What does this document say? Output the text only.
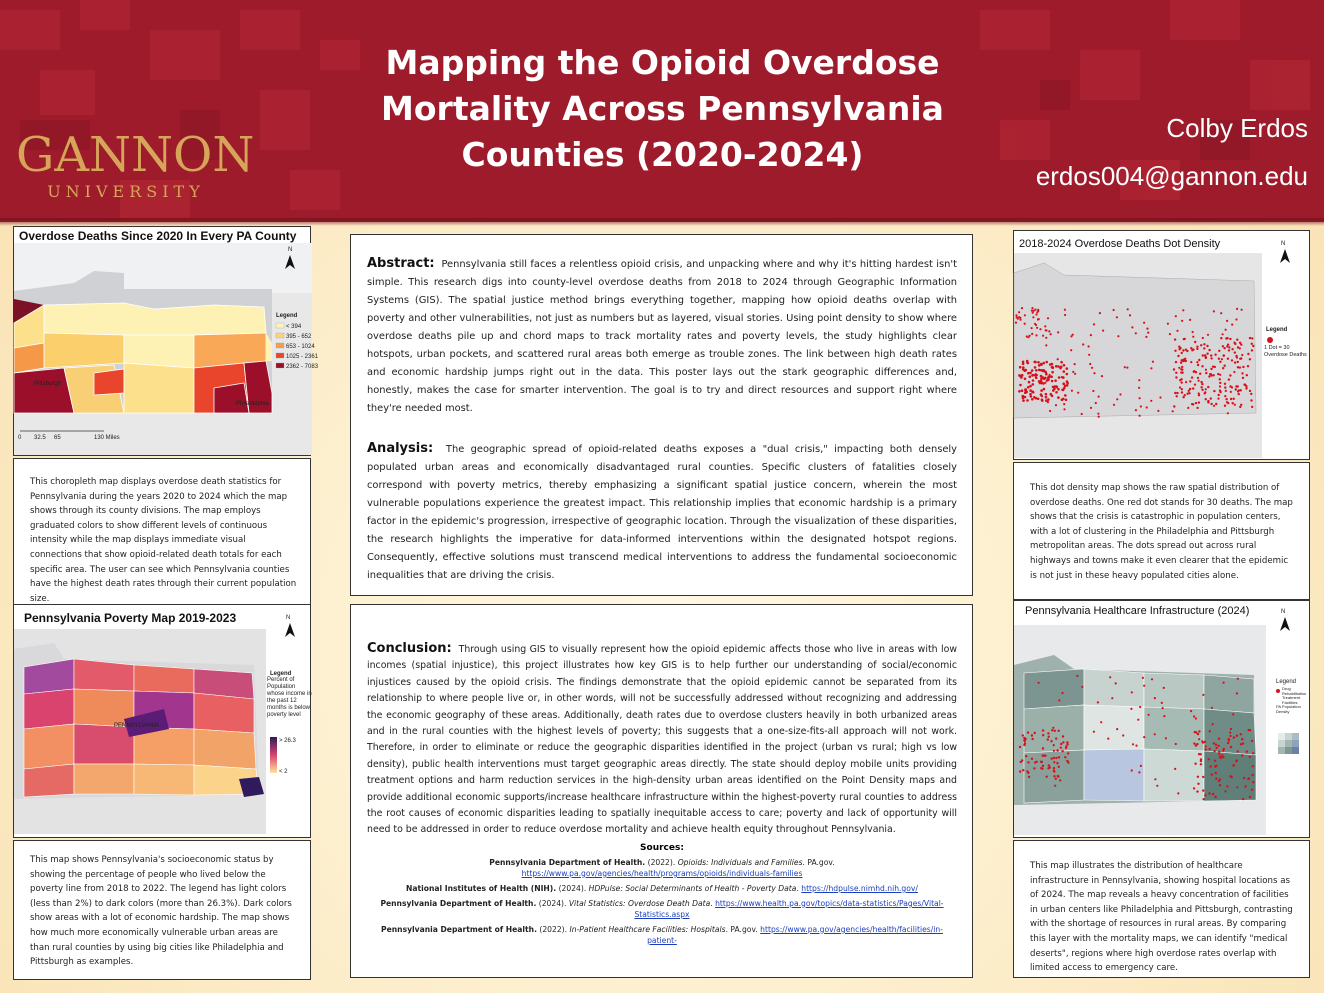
GANNON
UNIVERSITY
Mapping the Opioid Overdose
Mortality Across Pennsylvania
Counties (2020-2024)
Colby Erdos
erdos004@gannon.edu
Overdose Deaths Since 2020 In Every PA County
Pittsburgh
Philadelphia
N
Legend
< 394
395 - 652
653 - 1024
1025 - 2361
2362 - 7083
0 32.5 65	130 Miles
This choropleth map displays overdose death statistics for Pennsylvania during the years 2020 to 2024 which the map shows through its county divisions. The map employs graduated colors to show different levels of continuous intensity while the map displays immediate visual connections that show opioid-related death totals for each specific area. The user can see which Pennsylvania counties have the highest death rates through their current population size.
Pennsylvania Poverty Map 2019-2023
PENNSYLVANIA
N
Legend
Percent of Population whose income in the past 12 months is below poverty level
> 26.3
< 2
This map shows Pennsylvania's socioeconomic status by showing the percentage of people who lived below the poverty line from 2018 to 2022. The legend has light colors (less than 2%) to dark colors (more than 26.3%). Dark colors show areas with a lot of economic hardship. The map shows how much more economically vulnerable urban areas are than rural counties by using big cities like Philadelphia and Pittsburgh as examples.

Abstract: Pennsylvania still faces a relentless opioid crisis, and unpacking where and why it's hitting hardest isn't simple. This research digs into county-level overdose deaths from 2018 to 2024 through Geographic Information Systems (GIS). The spatial justice method brings everything together, mapping how opioid deaths overlap with poverty and other vulnerabilities, not just as numbers but as layered, visual stories. Using point density to show where overdose deaths pile up and chord maps to track mortality rates and poverty levels, the study highlights clear hotspots, urban pockets, and scattered rural areas both emerge as trouble zones. The link between high death rates and economic hardship jumps right out in the data. This poster lays out the stark geographic differences and, honestly, makes the case for smarter intervention. The goal is to try and direct resources and support right where they're needed most.

Analysis: The geographic spread of opioid-related deaths exposes a "dual crisis," impacting both densely populated urban areas and economically disadvantaged rural counties. Specific clusters of fatalities closely correspond with poverty metrics, thereby emphasizing a significant spatial justice concern, wherein the most vulnerable populations experience the greatest impact. This relationship implies that economic hardship is a primary factor in the epidemic's progression, irrespective of geographic location. Through the visualization of these disparities, the research highlights the imperative for data-informed interventions within the designated hotspot regions. Consequently, effective solutions must transcend medical interventions to address the fundamental socioeconomic inequalities that are driving the crisis.

Conclusion: Through using GIS to visually represent how the opioid epidemic affects those who live in areas with low incomes (spatial injustice), this project illustrates how key GIS is to help further our understanding of social/economic injustices caused by the opioid crisis. The findings demonstrate that the opioid epidemic cannot be separated from its relationship to where people live or, in other words, will not be successfully addressed without recognizing and addressing the economic geography of these areas. Additionally, death rates due to overdose clusters heavily in both urbanized areas and in the rural counties with the highest levels of poverty; this suggests that a one-size-fits-all approach will not work. Therefore, in order to eliminate or reduce the geographic disparities identified in the project (urban vs rural; high vs low density), public health interventions must target geographic areas directly. The state should deploy mobile units providing treatment options and harm reduction services in the high-density urban areas identified on the Point Density maps and provide additional economic supports/increase healthcare infrastructure within the highest-poverty rural counties to address the root causes of economic disparities leading to spatially inequitable access to care; poverty and lack of opportunity will need to be addressed in order to reduce overdose mortality and achieve health equity throughout Pennsylvania.

Sources:
Pennsylvania Department of Health. (2022). Opioids: Individuals and Families. PA.gov. https://www.pa.gov/agencies/health/programs/opioids/individuals-families
National Institutes of Health (NIH). (2024). HDPulse: Social Determinants of Health - Poverty Data. https://hdpulse.nimhd.nih.gov/
Pennsylvania Department of Health. (2024). Vital Statistics: Overdose Death Data. https://www.health.pa.gov/topics/data-statistics/Pages/Vital-Statistics.aspx
Pennsylvania Department of Health. (2022). In-Patient Healthcare Facilities: Hospitals. PA.gov. https://www.pa.gov/agencies/health/facilities/in-patient-
2018-2024 Overdose Deaths Dot Density	N
Legend
1 Dot = 30 Overdose Deaths
This dot density map shows the raw spatial distribution of overdose deaths. One red dot stands for 30 deaths. The map shows that the crisis is catastrophic in population centers, with a lot of clustering in the Philadelphia and Pittsburgh metropolitan areas. The dots spread out across rural highways and towns make it even clearer that the epidemic is not just in these heavy populated cities alone.
Pennsylvania Healthcare Infrastructure (2024)	N
Legend
Drug Rehabilitation Treatment Facilities
PA Population Density
This map illustrates the distribution of healthcare infrastructure in Pennsylvania, showing hospital locations as of 2024. The map reveals a heavy concentration of facilities in urban centers like Philadelphia and Pittsburgh, contrasting with the shortage of resources in rural areas. By comparing this layer with the mortality maps, we can identify "medical deserts", regions where high overdose rates overlap with limited access to emergency care.
